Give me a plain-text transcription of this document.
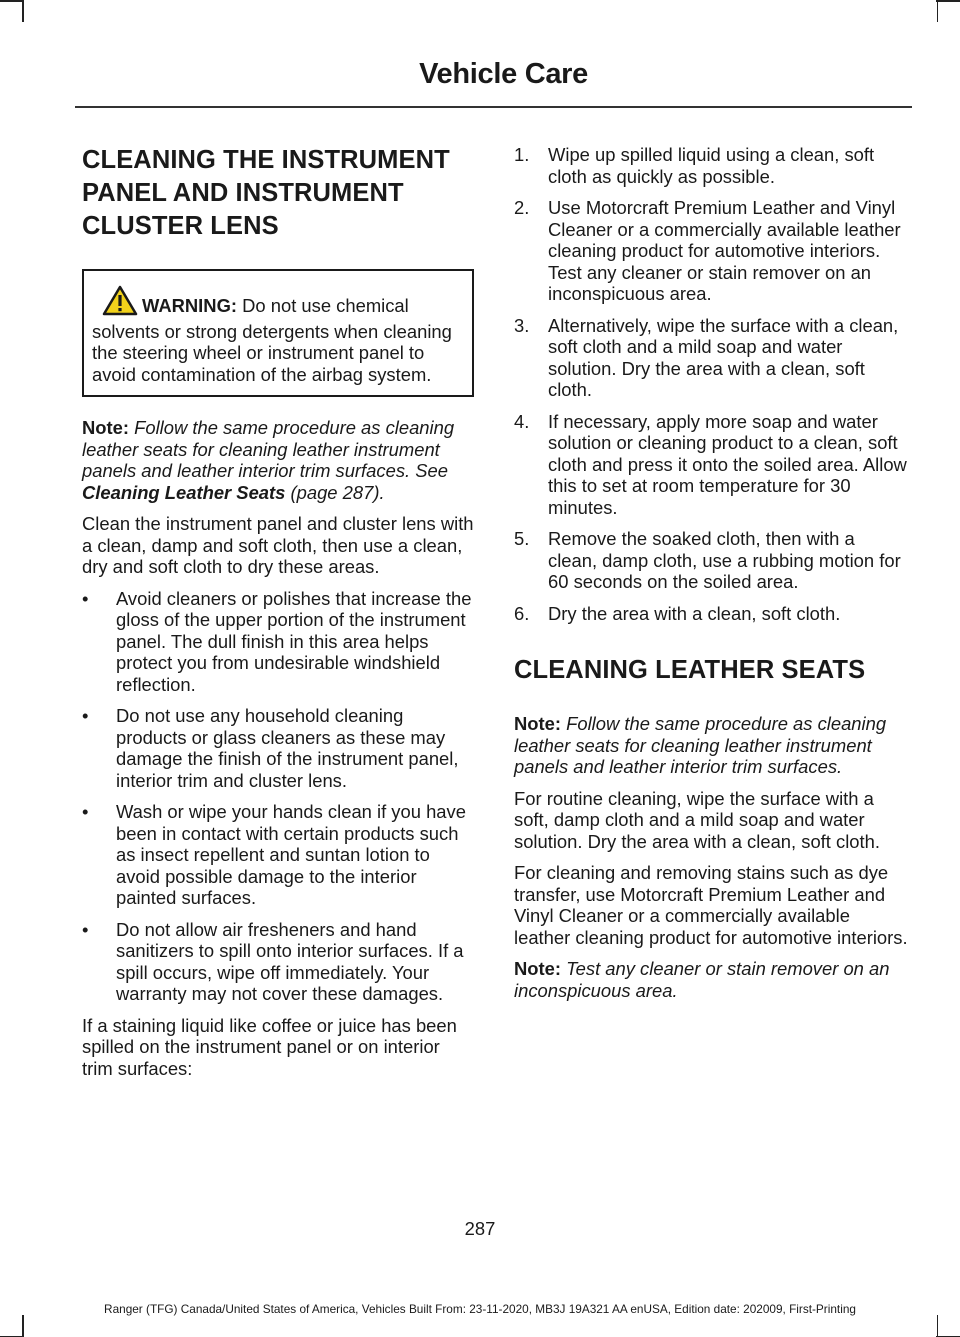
Vehicle Care
CLEANING THE INSTRUMENT PANEL AND INSTRUMENT CLUSTER LENS
WARNING: Do not use chemical solvents or strong detergents when cleaning the steering wheel or instrument panel to avoid contamination of the airbag system.

Note: Follow the same procedure as cleaning leather seats for cleaning leather instrument panels and leather interior trim surfaces. See Cleaning Leather Seats (page 287).

Clean the instrument panel and cluster lens with a clean, damp and soft cloth, then use a clean, dry and soft cloth to dry these areas.

• Avoid cleaners or polishes that increase the gloss of the upper portion of the instrument panel. The dull finish in this area helps protect you from undesirable windshield reflection.
• Do not use any household cleaning products or glass cleaners as these may damage the finish of the instrument panel, interior trim and cluster lens.
• Wash or wipe your hands clean if you have been in contact with certain products such as insect repellent and suntan lotion to avoid possible damage to the interior painted surfaces.
• Do not allow air fresheners and hand sanitizers to spill onto interior surfaces. If a spill occurs, wipe off immediately. Your warranty may not cover these damages.

If a staining liquid like coffee or juice has been spilled on the instrument panel or on interior trim surfaces:

1. Wipe up spilled liquid using a clean, soft cloth as quickly as possible.
2. Use Motorcraft Premium Leather and Vinyl Cleaner or a commercially available leather cleaning product for automotive interiors. Test any cleaner or stain remover on an inconspicuous area.
3. Alternatively, wipe the surface with a clean, soft cloth and a mild soap and water solution. Dry the area with a clean, soft cloth.
4. If necessary, apply more soap and water solution or cleaning product to a clean, soft cloth and press it onto the soiled area. Allow this to set at room temperature for 30 minutes.
5. Remove the soaked cloth, then with a clean, damp cloth, use a rubbing motion for 60 seconds on the soiled area.
6. Dry the area with a clean, soft cloth.
CLEANING LEATHER SEATS

Note: Follow the same procedure as cleaning leather seats for cleaning leather instrument panels and leather interior trim surfaces.

For routine cleaning, wipe the surface with a soft, damp cloth and a mild soap and water solution. Dry the area with a clean, soft cloth.

For cleaning and removing stains such as dye transfer, use Motorcraft Premium Leather and Vinyl Cleaner or a commercially available leather cleaning product for automotive interiors.

Note: Test any cleaner or stain remover on an inconspicuous area.

287
Ranger (TFG) Canada/United States of America, Vehicles Built From: 23-11-2020, MB3J 19A321 AA enUSA, Edition date: 202009, First-Printing
